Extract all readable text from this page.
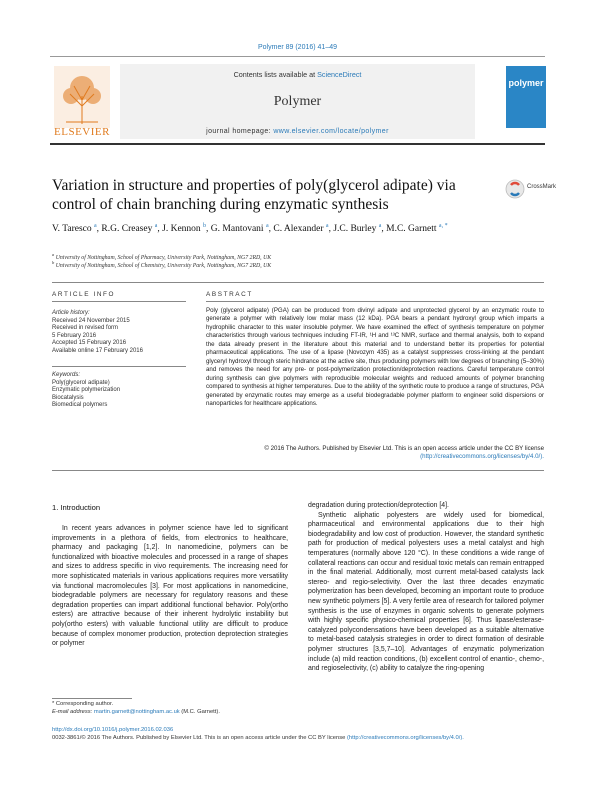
Polymer 89 (2016) 41–49
ELSEVIER
Contents lists available at ScienceDirect
Polymer
journal homepage: www.elsevier.com/locate/polymer
polymer
Variation in structure and properties of poly(glycerol adipate) via control of chain branching during enzymatic synthesis
CrossMark
V. Taresco $^a$, R.G. Creasey $^a$, J. Kennon $^b$, G. Mantovani $^a$, C. Alexander $^a$, J.C. Burley $^a$, M.C. Garnett $^{a, *}$
$^a$ University of Nottingham, School of Pharmacy, University Park, Nottingham, NG7 2RD, UK
$^b$ University of Nottingham, School of Chemistry, University Park, Nottingham, NG7 2RD, UK
ARTICLE INFO	ABSTRACT
Article history:
Received 24 November 2015
Received in revised form
5 February 2016
Accepted 15 February 2016
Available online 17 February 2016
Keywords:
Poly(glycerol adipate)
Enzymatic polymerization
Biocatalysis
Biomedical polymers
Poly (glycerol adipate) (PGA) can be produced from divinyl adipate and unprotected glycerol by an enzymatic route to generate a polymer with relatively low molar mass (12 kDa). PGA bears a pendant hydroxyl group which imparts a hydrophilic character to this water insoluble polymer. We have examined the effect of synthesis temperature on polymer characteristics through various techniques including FT-IR, ¹H and ¹³C NMR, surface and thermal analysis, both to expand the data already present in the literature about this material and to understand better its properties for potential pharmaceutical applications. The use of a lipase (Novozym 435) as a catalyst suppresses cross-linking at the pendant glyceryl hydroxyl through steric hindrance at the active site, thus producing polymers with low degrees of branching (5–30%) and removes the need for any pre- or post-polymerization protection/deprotection reactions. Careful temperature control during synthesis can give polymers with reproducible molecular weights and reduced amounts of polymer branching compared to synthesis at higher temperatures. Due to the ability of the synthetic route to produce a range of structures, PGA generated by enzymatic routes may emerge as a useful biodegradable polymer platform to engineer solid dispersions or nanoparticles for healthcare applications.
© 2016 The Authors. Published by Elsevier Ltd. This is an open access article under the CC BY license (http://creativecommons.org/licenses/by/4.0/).
1. Introduction

In recent years advances in polymer science have led to significant improvements in a plethora of fields, from electronics to healthcare, pharmacy and packaging [1,2]. In nanomedicine, polymers can be functionalized with bioactive molecules and processed in a range of shapes and sizes to address specific in vivo requirements. The increasing need for more sophisticated materials in various applications requires more versatility via functional macromolecules [3]. For most applications in nanomedicine, biodegradable polymers are necessary for regulatory reasons and these degradation properties can impart additional functional behavior. Poly(ortho esters) are attractive because of their inherent hydrolytic instability but poly(ortho esters) with valuable functional utility are difficult to produce because of complex monomer production, protection deprotection strategies or polymer

degradation during protection/deprotection [4].

Synthetic aliphatic polyesters are widely used for biomedical, pharmaceutical and environmental applications due to their high biodegradability and low cost of production. However, the standard synthetic path for production of medical polyesters uses a metal catalyst and high temperatures (normally above 120 °C). In these conditions a wide range of collateral reactions can occur and residual toxic metals can remain entrapped in the final material. Additionally, most current metal-based catalysts lack stereo- and regio-selectivity. Over the last three decades enzymatic polymerization has been developed, becoming an important route to produce new synthetic polymers [5]. A very fertile area of research for tailored polymer synthesis is the use of enzymes in organic solvents to generate polymers with highly specific physico-chemical properties [6]. Thus lipase/esterase-catalyzed polycondensations have been developed as a suitable alternative to metal-based catalysis strategies in order to direct formation of desirable polymer structures [3,5,7–10]. Advantages of enzymatic polymerization include (a) mild reaction conditions, (b) excellent control of enantio-, chemo-, and regioselectivity, (c) ability to catalyze the ring-opening

* Corresponding author.
E-mail address: martin.garnett@nottingham.ac.uk (M.C. Garnett).
http://dx.doi.org/10.1016/j.polymer.2016.02.036
0032-3861/© 2016 The Authors. Published by Elsevier Ltd. This is an open access article under the CC BY license (http://creativecommons.org/licenses/by/4.0/).
